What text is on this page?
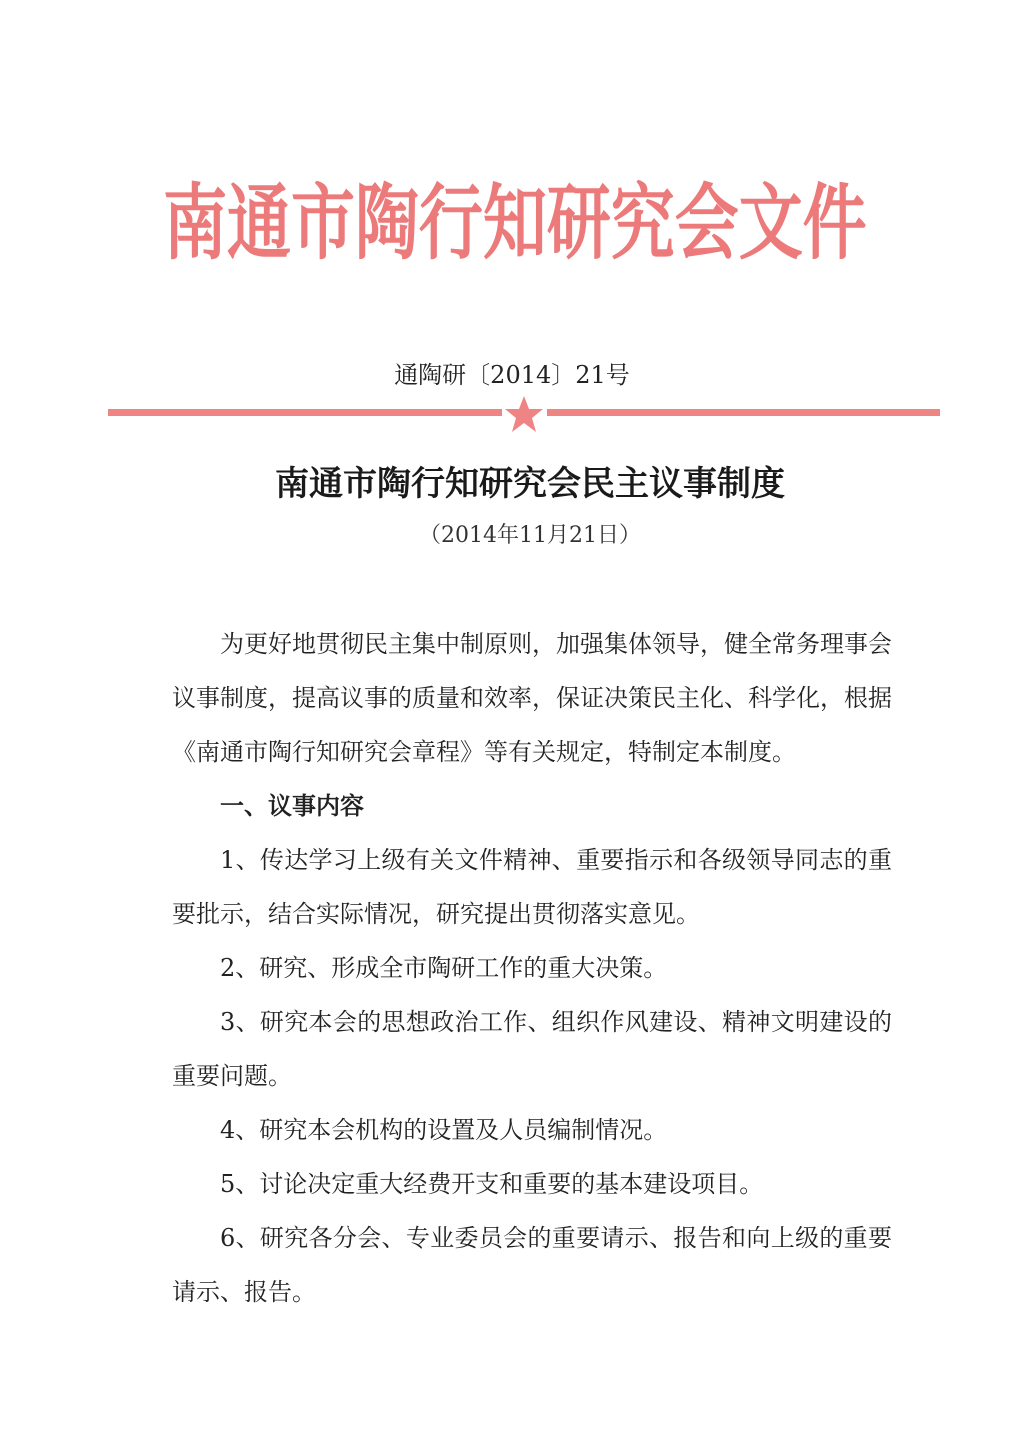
南通市陶行知研究会文件
通陶研〔2014〕21号
南通市陶行知研究会民主议事制度
（2014年11月21日）

为更好地贯彻民主集中制原则，加强集体领导，健全常务理事会议事制度，提高议事的质量和效率，保证决策民主化、科学化，根据《南通市陶行知研究会章程》等有关规定，特制定本制度。

一、议事内容

1、传达学习上级有关文件精神、重要指示和各级领导同志的重要批示，结合实际情况，研究提出贯彻落实意见。

2、研究、形成全市陶研工作的重大决策。

3、研究本会的思想政治工作、组织作风建设、精神文明建设的重要问题。

4、研究本会机构的设置及人员编制情况。

5、讨论决定重大经费开支和重要的基本建设项目。

6、研究各分会、专业委员会的重要请示、报告和向上级的重要请示、报告。
